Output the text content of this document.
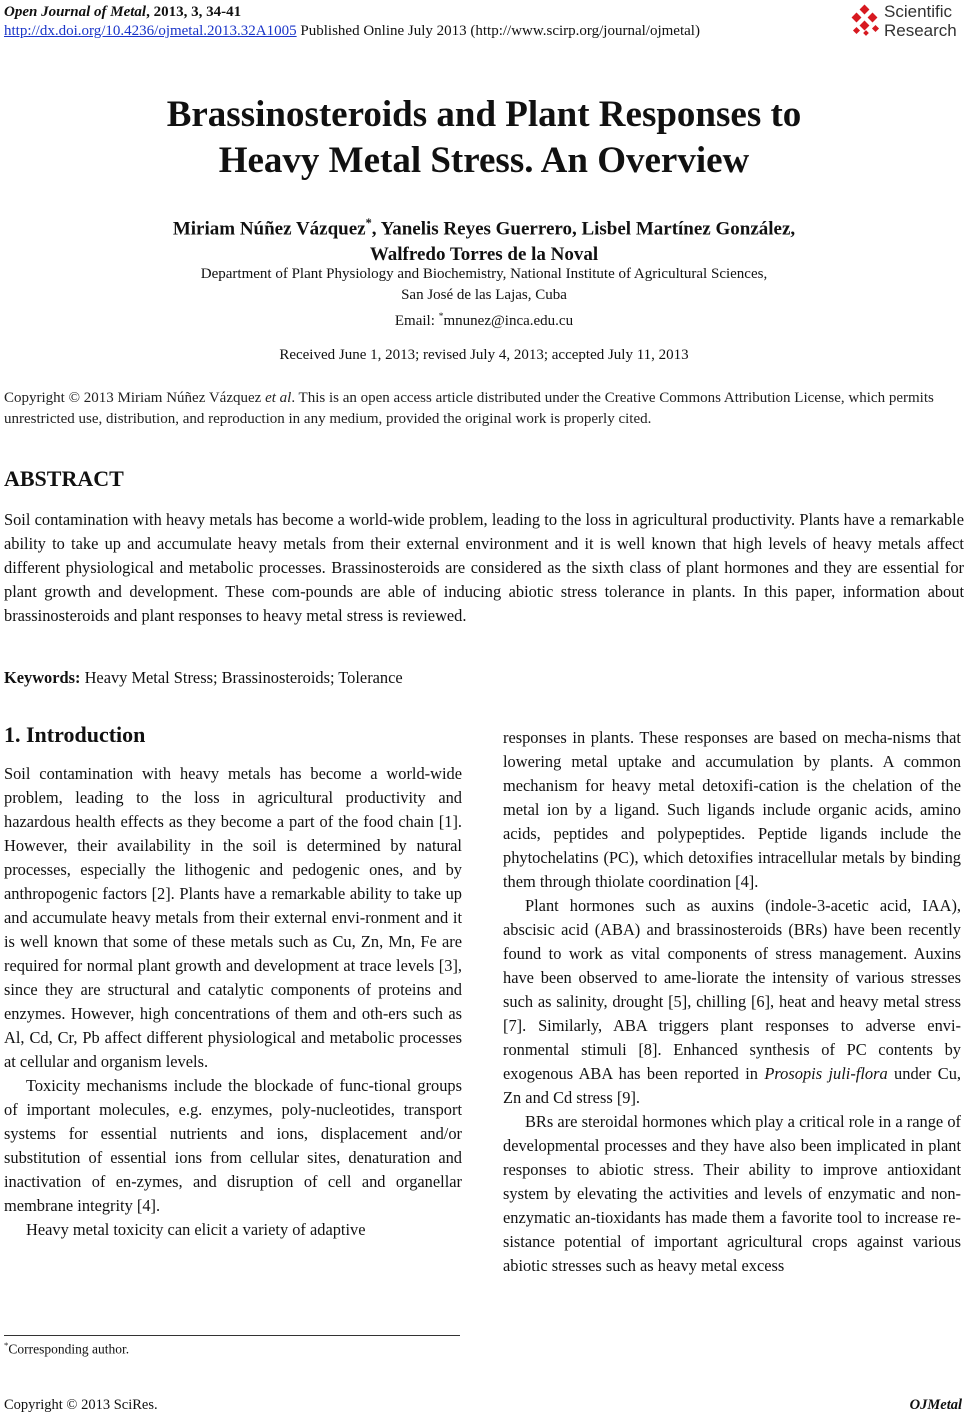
Open Journal of Metal, 2013, 3, 34-41
http://dx.doi.org/10.4236/ojmetal.2013.32A1005 Published Online July 2013 (http://www.scirp.org/journal/ojmetal)
Scientific
Research
Brassinosteroids and Plant Responses to
Heavy Metal Stress. An Overview
Miriam Núñez Vázquez*, Yanelis Reyes Guerrero, Lisbel Martínez González,
Walfredo Torres de la Noval
Department of Plant Physiology and Biochemistry, National Institute of Agricultural Sciences,
San José de las Lajas, Cuba
Email: *mnunez@inca.edu.cu
Received June 1, 2013; revised July 4, 2013; accepted July 11, 2013
Copyright © 2013 Miriam Núñez Vázquez et al. This is an open access article distributed under the Creative Commons Attribution License, which permits unrestricted use, distribution, and reproduction in any medium, provided the original work is properly cited.
ABSTRACT

Soil contamination with heavy metals has become a world-wide problem, leading to the loss in agricultural productivity. Plants have a remarkable ability to take up and accumulate heavy metals from their external environment and it is well known that high levels of heavy metals affect different physiological and metabolic processes. Brassinosteroids are considered as the sixth class of plant hormones and they are essential for plant growth and development. These com-pounds are able of inducing abiotic stress tolerance in plants. In this paper, information about brassinosteroids and plant responses to heavy metal stress is reviewed.

Keywords: Heavy Metal Stress; Brassinosteroids; Tolerance
1. Introduction

Soil contamination with heavy metals has become a world-wide problem, leading to the loss in agricultural productivity and hazardous health effects as they become a part of the food chain [1]. However, their availability in the soil is determined by natural processes, especially the lithogenic and pedogenic ones, and by anthropogenic factors [2]. Plants have a remarkable ability to take up and accumulate heavy metals from their external envi-ronment and it is well known that some of these metals such as Cu, Zn, Mn, Fe are required for normal plant growth and development at trace levels [3], since they are structural and catalytic components of proteins and enzymes. However, high concentrations of them and oth-ers such as Al, Cd, Cr, Pb affect different physiological and metabolic processes at cellular and organism levels.

Toxicity mechanisms include the blockade of func-tional groups of important molecules, e.g. enzymes, poly-nucleotides, transport systems for essential nutrients and ions, displacement and/or substitution of essential ions from cellular sites, denaturation and inactivation of en-zymes, and disruption of cell and organellar membrane integrity [4].

Heavy metal toxicity can elicit a variety of adaptive

responses in plants. These responses are based on mecha-nisms that lowering metal uptake and accumulation by plants. A common mechanism for heavy metal detoxifi-cation is the chelation of the metal ion by a ligand. Such ligands include organic acids, amino acids, peptides and polypeptides. Peptide ligands include the phytochelatins (PC), which detoxifies intracellular metals by binding them through thiolate coordination [4].

Plant hormones such as auxins (indole-3-acetic acid, IAA), abscisic acid (ABA) and brassinosteroids (BRs) have been recently found to work as vital components of stress management. Auxins have been observed to ame-liorate the intensity of various stresses such as salinity, drought [5], chilling [6], heat and heavy metal stress [7]. Similarly, ABA triggers plant responses to adverse envi-ronmental stimuli [8]. Enhanced synthesis of PC contents by exogenous ABA has been reported in Prosopis juli-flora under Cu, Zn and Cd stress [9].

BRs are steroidal hormones which play a critical role in a range of developmental processes and they have also been implicated in plant responses to abiotic stress. Their ability to improve antioxidant system by elevating the activities and levels of enzymatic and non-enzymatic an-tioxidants has made them a favorite tool to increase re-sistance potential of important agricultural crops against various abiotic stresses such as heavy metal excess

*Corresponding author.
Copyright © 2013 SciRes.	OJMetal
